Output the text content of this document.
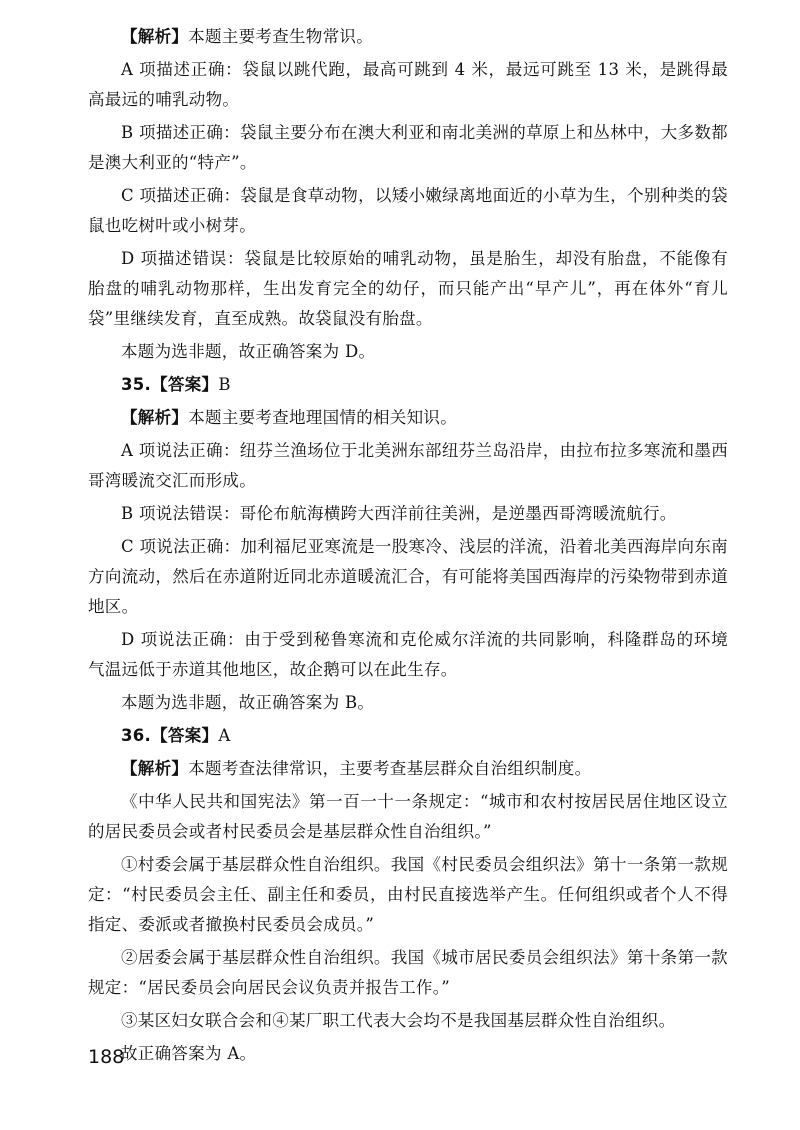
【解析】本题主要考查生物常识。

A 项描述正确：袋鼠以跳代跑，最高可跳到 4 米，最远可跳至 13 米，是跳得最高最远的哺乳动物。

B 项描述正确：袋鼠主要分布在澳大利亚和南北美洲的草原上和丛林中，大多数都是澳大利亚的“特产”。

C 项描述正确：袋鼠是食草动物，以矮小嫩绿离地面近的小草为生，个别种类的袋鼠也吃树叶或小树芽。

D 项描述错误：袋鼠是比较原始的哺乳动物，虽是胎生，却没有胎盘，不能像有胎盘的哺乳动物那样，生出发育完全的幼仔，而只能产出“早产儿”，再在体外“育儿袋”里继续发育，直至成熟。故袋鼠没有胎盘。

本题为选非题，故正确答案为 D。

35.【答案】B

【解析】本题主要考查地理国情的相关知识。

A 项说法正确：纽芬兰渔场位于北美洲东部纽芬兰岛沿岸，由拉布拉多寒流和墨西哥湾暖流交汇而形成。

B 项说法错误：哥伦布航海横跨大西洋前往美洲，是逆墨西哥湾暖流航行。

C 项说法正确：加利福尼亚寒流是一股寒冷、浅层的洋流，沿着北美西海岸向东南方向流动，然后在赤道附近同北赤道暖流汇合，有可能将美国西海岸的污染物带到赤道地区。

D 项说法正确：由于受到秘鲁寒流和克伦威尔洋流的共同影响，科隆群岛的环境气温远低于赤道其他地区，故企鹅可以在此生存。

本题为选非题，故正确答案为 B。

36.【答案】A

【解析】本题考查法律常识，主要考查基层群众自治组织制度。

《中华人民共和国宪法》第一百一十一条规定：“城市和农村按居民居住地区设立的居民委员会或者村民委员会是基层群众性自治组织。”

①村委会属于基层群众性自治组织。我国《村民委员会组织法》第十一条第一款规定：“村民委员会主任、副主任和委员，由村民直接选举产生。任何组织或者个人不得指定、委派或者撤换村民委员会成员。”

②居委会属于基层群众性自治组织。我国《城市居民委员会组织法》第十条第一款规定：“居民委员会向居民会议负责并报告工作。”

③某区妇女联合会和④某厂职工代表大会均不是我国基层群众性自治组织。

故正确答案为 A。

188
